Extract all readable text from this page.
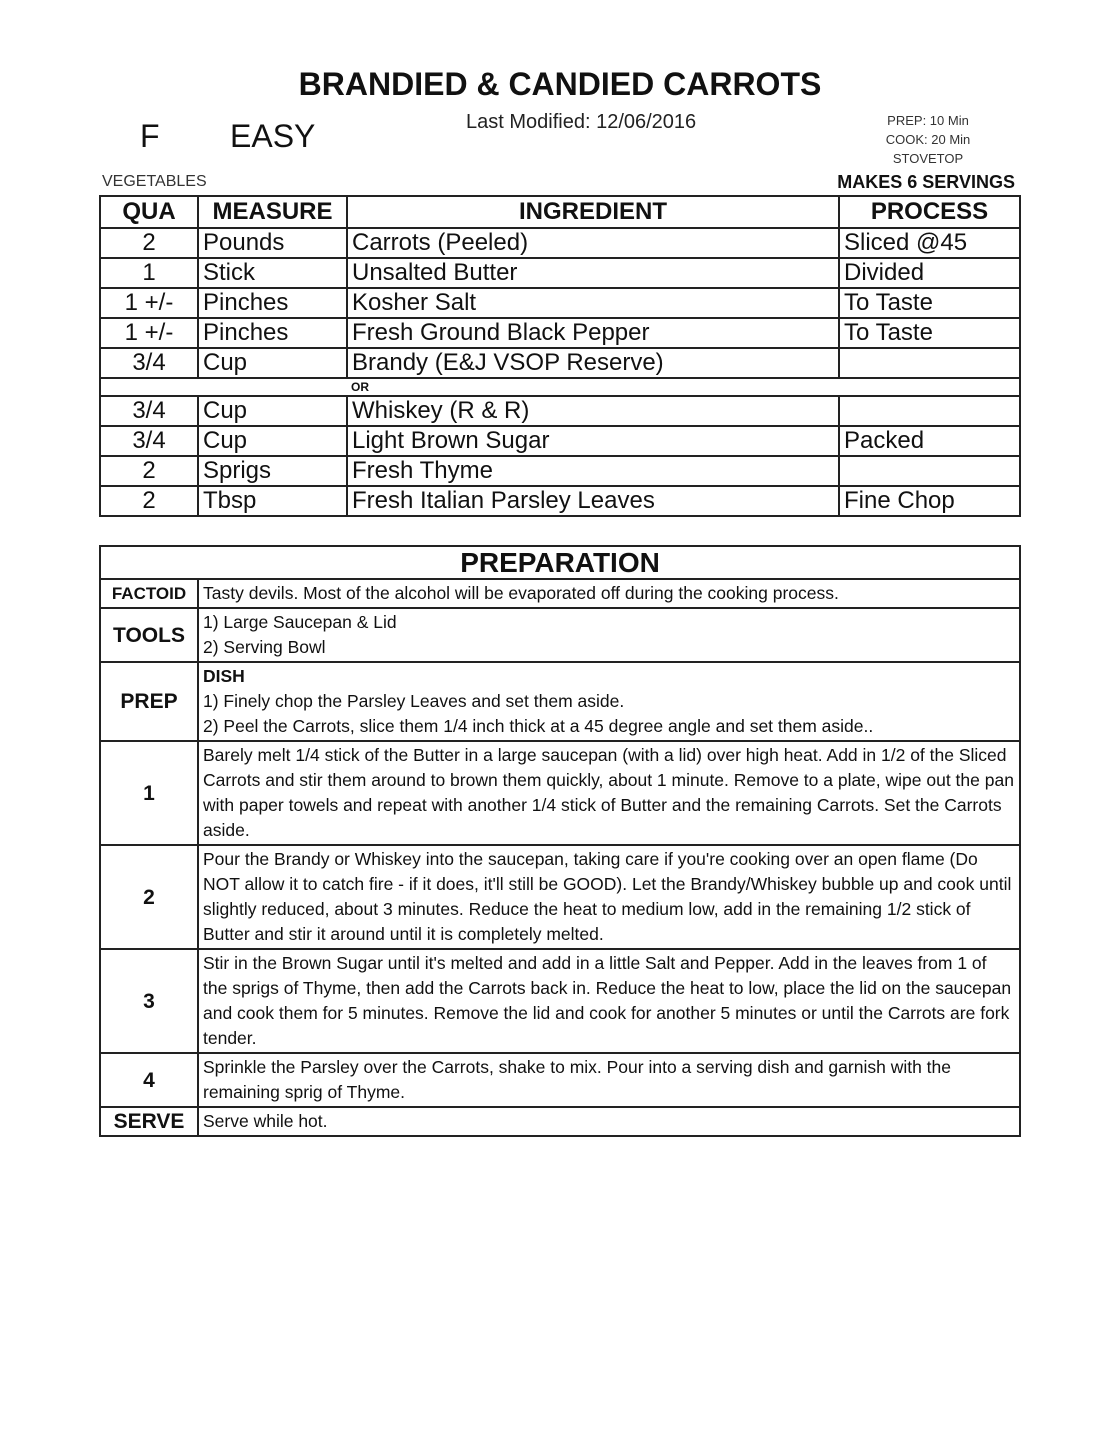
BRANDIED & CANDIED CARROTS
Last Modified: 12/06/2016
F EASY	PREP: 10 Min
COOK: 20 Min
STOVETOP
VEGETABLES	MAKES 6 SERVINGS
QUA	MEASURE	INGREDIENT	PROCESS
2	Pounds	Carrots (Peeled)	Sliced @45
1	Stick	Unsalted Butter	Divided
1 +/-	Pinches	Kosher Salt	To Taste
1 +/-	Pinches	Fresh Ground Black Pepper	To Taste
3/4	Cup	Brandy (E&J VSOP Reserve)	
OR			
3/4	Cup	Whiskey (R & R)	
3/4	Cup	Light Brown Sugar	Packed
2	Sprigs	Fresh Thyme	
2	Tbsp	Fresh Italian Parsley Leaves	Fine Chop
PREPARATION	
FACTOID	Tasty devils. Most of the alcohol will be evaporated off during the cooking process.
TOOLS	1) Large Saucepan & Lid
2) Serving Bowl

PREP	DISH
1) Finely chop the Parsley Leaves and set them aside.
2) Peel the Carrots, slice them 1/4 inch thick at a 45 degree angle and set them aside..

1	Barely melt 1/4 stick of the Butter in a large saucepan (with a lid) over high heat. Add in 1/2 of the Sliced Carrots and stir them around to brown them quickly, about 1 minute. Remove to a plate, wipe out the pan with paper towels and repeat with another 1/4 stick of Butter and the remaining Carrots. Set the Carrots aside.
2	Pour the Brandy or Whiskey into the saucepan, taking care if you're cooking over an open flame (Do NOT allow it to catch fire - if it does, it'll still be GOOD). Let the Brandy/Whiskey bubble up and cook until slightly reduced, about 3 minutes. Reduce the heat to medium low, add in the remaining 1/2 stick of Butter and stir it around until it is completely melted.
3	Stir in the Brown Sugar until it's melted and add in a little Salt and Pepper. Add in the leaves from 1 of the sprigs of Thyme, then add the Carrots back in. Reduce the heat to low, place the lid on the saucepan and cook them for 5 minutes. Remove the lid and cook for another 5 minutes or until the Carrots are fork tender.
4	Sprinkle the Parsley over the Carrots, shake to mix. Pour into a serving dish and garnish with the remaining sprig of Thyme.
SERVE	Serve while hot.
